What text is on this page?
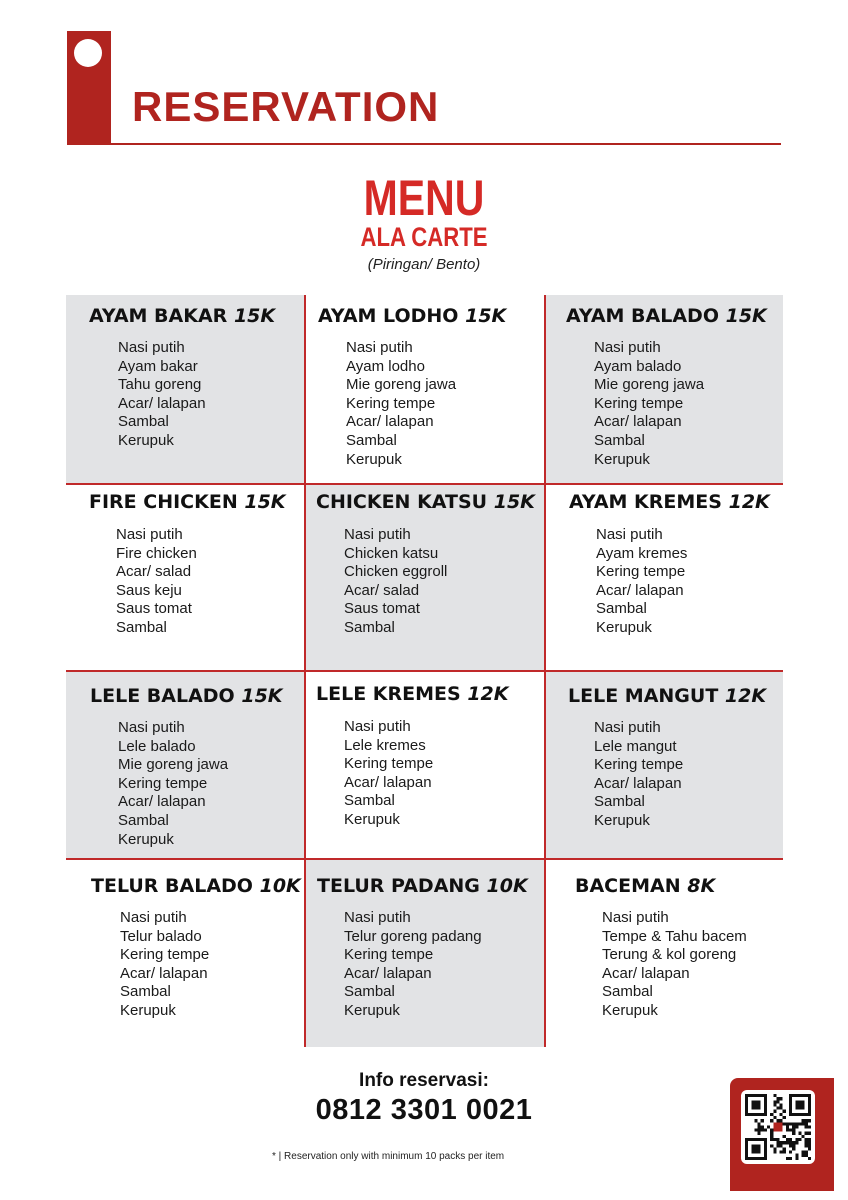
RESERVATION
MENU
ALA CARTE
(Piringan/ Bento)
AYAM BAKAR 15K
Nasi putih
Ayam bakar
Tahu goreng
Acar/ lalapan
Sambal
Kerupuk
AYAM LODHO 15K
Nasi putih
Ayam lodho
Mie goreng jawa
Kering tempe
Acar/ lalapan
Sambal
Kerupuk
AYAM BALADO 15K
Nasi putih
Ayam balado
Mie goreng jawa
Kering tempe
Acar/ lalapan
Sambal
Kerupuk
FIRE CHICKEN 15K
Nasi putih
Fire chicken
Acar/ salad
Saus keju
Saus tomat
Sambal
CHICKEN KATSU 15K
Nasi putih
Chicken katsu
Chicken eggroll
Acar/ salad
Saus tomat
Sambal
AYAM KREMES 12K
Nasi putih
Ayam kremes
Kering tempe
Acar/ lalapan
Sambal
Kerupuk
LELE BALADO 15K
Nasi putih
Lele balado
Mie goreng jawa
Kering tempe
Acar/ lalapan
Sambal
Kerupuk
LELE KREMES 12K
Nasi putih
Lele kremes
Kering tempe
Acar/ lalapan
Sambal
Kerupuk
LELE MANGUT 12K
Nasi putih
Lele mangut
Kering tempe
Acar/ lalapan
Sambal
Kerupuk
TELUR BALADO 10K
Nasi putih
Telur balado
Kering tempe
Acar/ lalapan
Sambal
Kerupuk
TELUR PADANG 10K
Nasi putih
Telur goreng padang
Kering tempe
Acar/ lalapan
Sambal
Kerupuk
BACEMAN 8K
Nasi putih
Tempe & Tahu bacem
Terung & kol goreng
Acar/ lalapan
Sambal
Kerupuk
Info reservasi:
0812 3301 0021
* | Reservation only with minimum 10 packs per item
